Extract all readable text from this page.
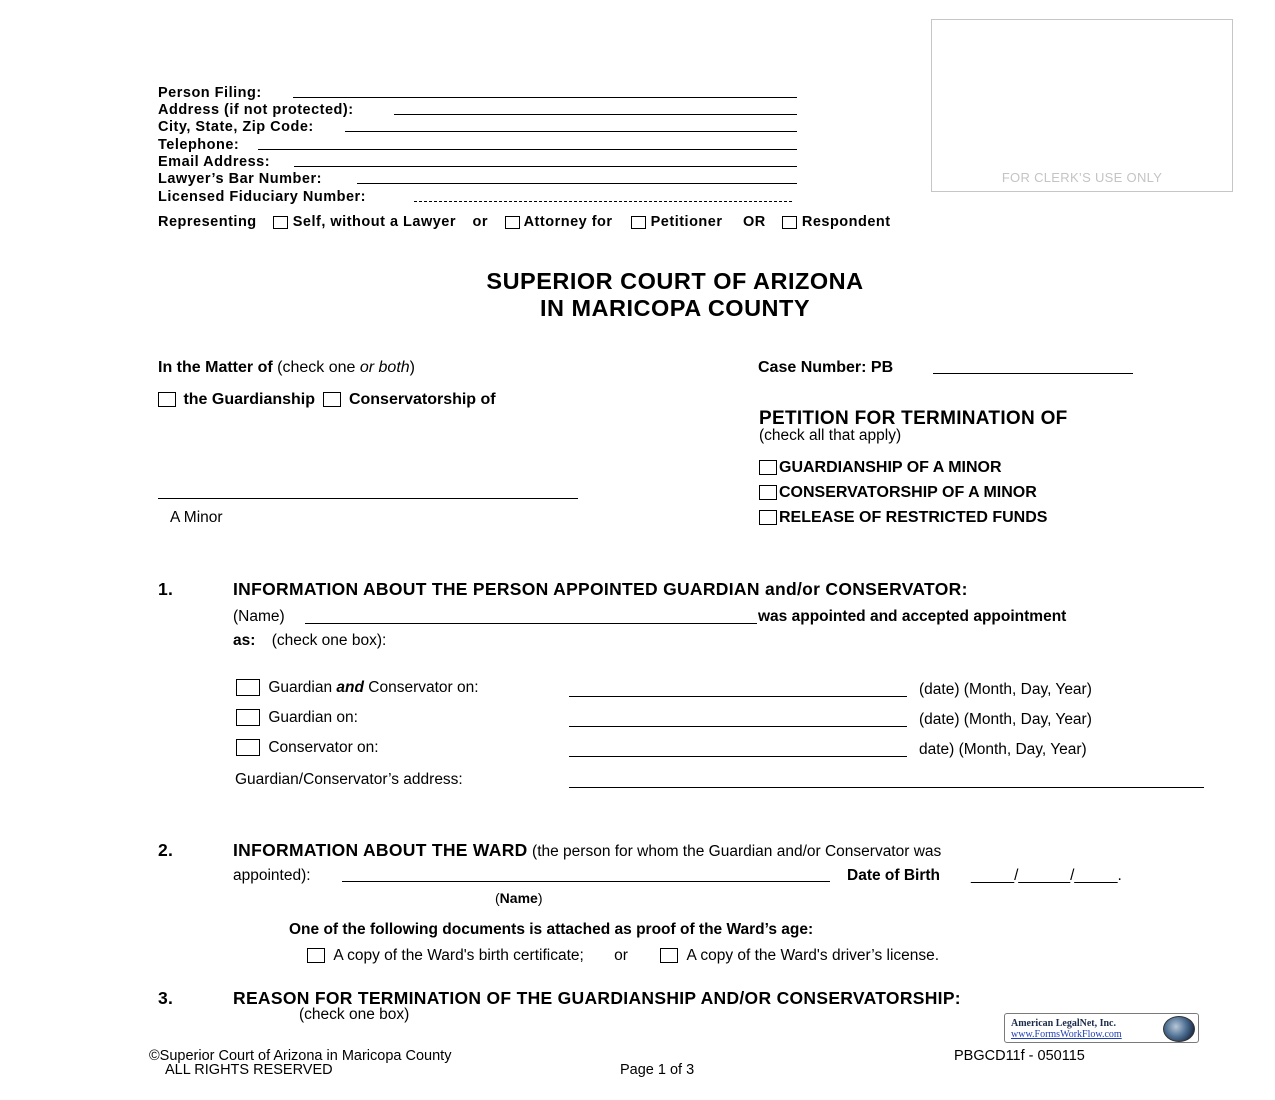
FOR CLERK’S USE ONLY
Person Filing:
Address (if not protected):
City, State, Zip Code:
Telephone:
Email Address:
Lawyer’s Bar Number:
Licensed Fiduciary Number:
Representing Self, without a Lawyer or Attorney for	Petitioner OR Respondent
SUPERIOR COURT OF ARIZONA
IN MARICOPA COUNTY
In the Matter of (check one or both)
the Guardianship Conservatorship of
A Minor
Case Number: PB
PETITION FOR TERMINATION OF
(check all that apply)
GUARDIANSHIP OF A MINOR
CONSERVATORSHIP OF A MINOR
RELEASE OF RESTRICTED FUNDS
1.	INFORMATION ABOUT THE PERSON APPOINTED GUARDIAN and/or CONSERVATOR:
(Name)	was appointed and accepted appointment
as: (check one box):
Guardian and Conservator on:	(date) (Month, Day, Year)
Guardian on:	(date) (Month, Day, Year)
Conservator on:	date) (Month, Day, Year)
Guardian/Conservator’s address:
2.	INFORMATION ABOUT THE WARD (the person for whom the Guardian and/or Conservator was
appointed):	Date of Birth _____/______/_____.
(Name)
One of the following documents is attached as proof of the Ward’s age:
A copy of the Ward's birth certificate; or	A copy of the Ward's driver’s license.
3.	REASON FOR TERMINATION OF THE GUARDIANSHIP AND/OR CONSERVATORSHIP:
(check one box)
American LegalNet, Inc.
www.FormsWorkFlow.com
©Superior Court of Arizona in Maricopa County
ALL RIGHTS RESERVED	Page 1 of 3
PBGCD11f - 050115
